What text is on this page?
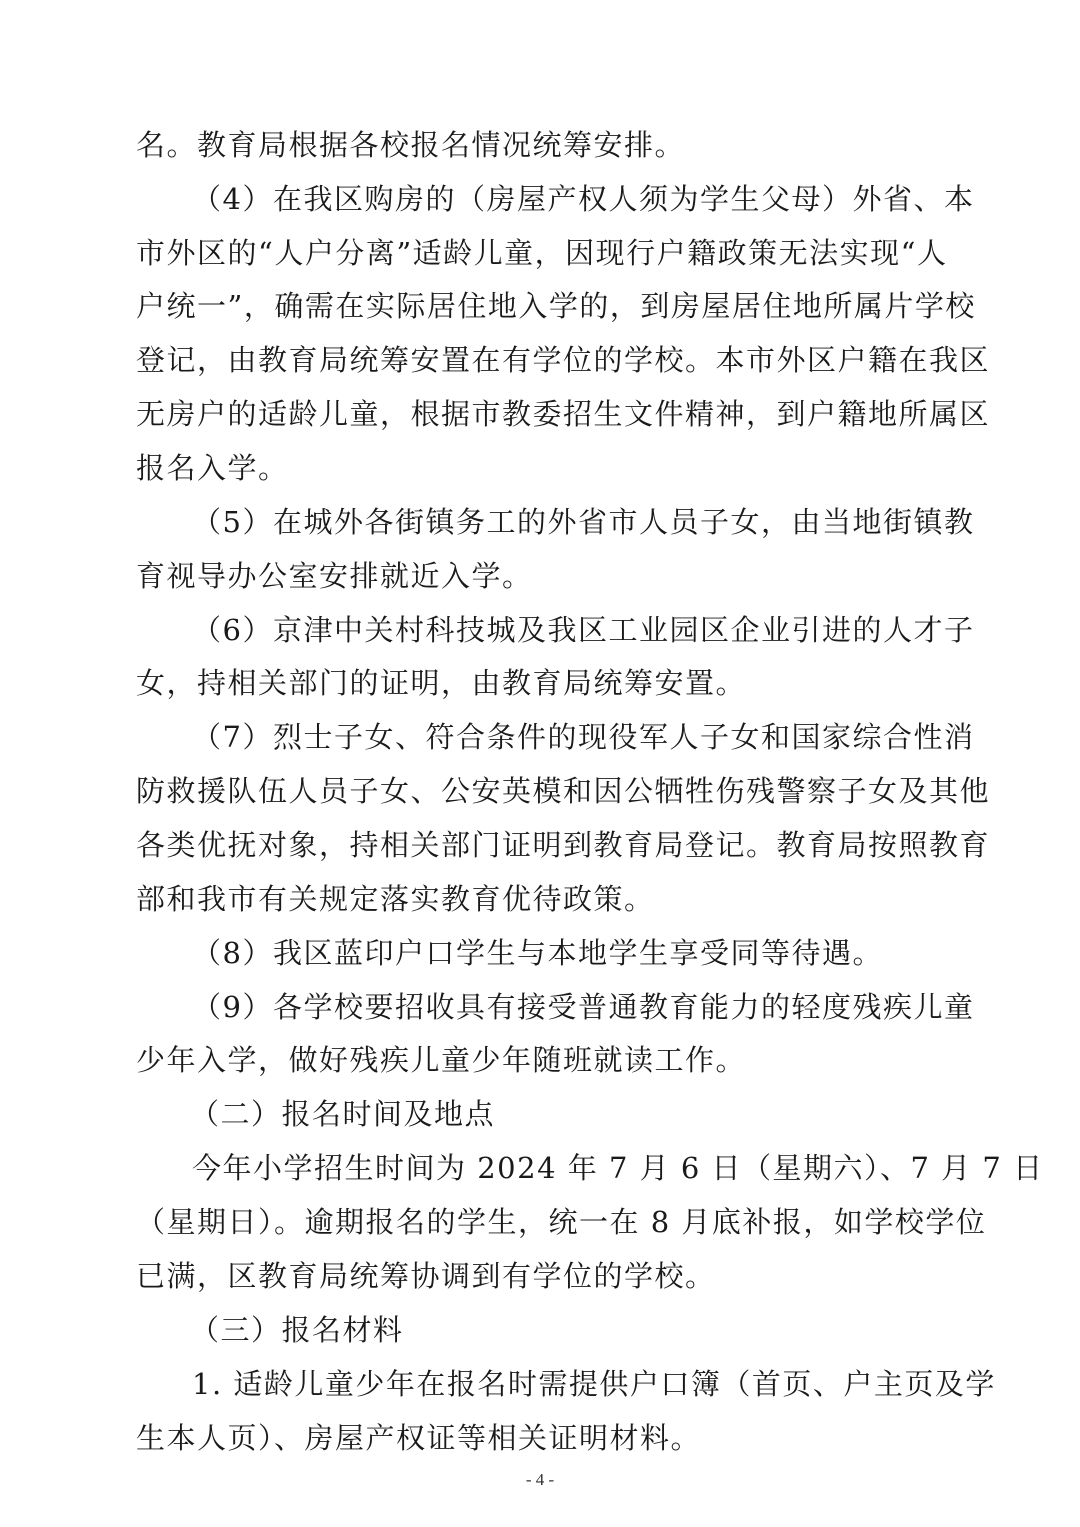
名。教育局根据各校报名情况统筹安排。
（4）在我区购房的（房屋产权人须为学生父母）外省、本
市外区的“人户分离”适龄儿童，因现行户籍政策无法实现“人
户统一”，确需在实际居住地入学的，到房屋居住地所属片学校
登记，由教育局统筹安置在有学位的学校。本市外区户籍在我区
无房户的适龄儿童，根据市教委招生文件精神，到户籍地所属区
报名入学。
（5）在城外各街镇务工的外省市人员子女，由当地街镇教
育视导办公室安排就近入学。
（6）京津中关村科技城及我区工业园区企业引进的人才子
女，持相关部门的证明，由教育局统筹安置。
（7）烈士子女、符合条件的现役军人子女和国家综合性消
防救援队伍人员子女、公安英模和因公牺牲伤残警察子女及其他
各类优抚对象，持相关部门证明到教育局登记。教育局按照教育
部和我市有关规定落实教育优待政策。
（8）我区蓝印户口学生与本地学生享受同等待遇。
（9）各学校要招收具有接受普通教育能力的轻度残疾儿童
少年入学，做好残疾儿童少年随班就读工作。
（二）报名时间及地点
今年小学招生时间为 2024 年 7 月 6 日（星期六）、7 月 7 日
（星期日）。逾期报名的学生，统一在 8 月底补报，如学校学位
已满，区教育局统筹协调到有学位的学校。
（三）报名材料
1. 适龄儿童少年在报名时需提供户口簿（首页、户主页及学
生本人页）、房屋产权证等相关证明材料。
- 4 -
